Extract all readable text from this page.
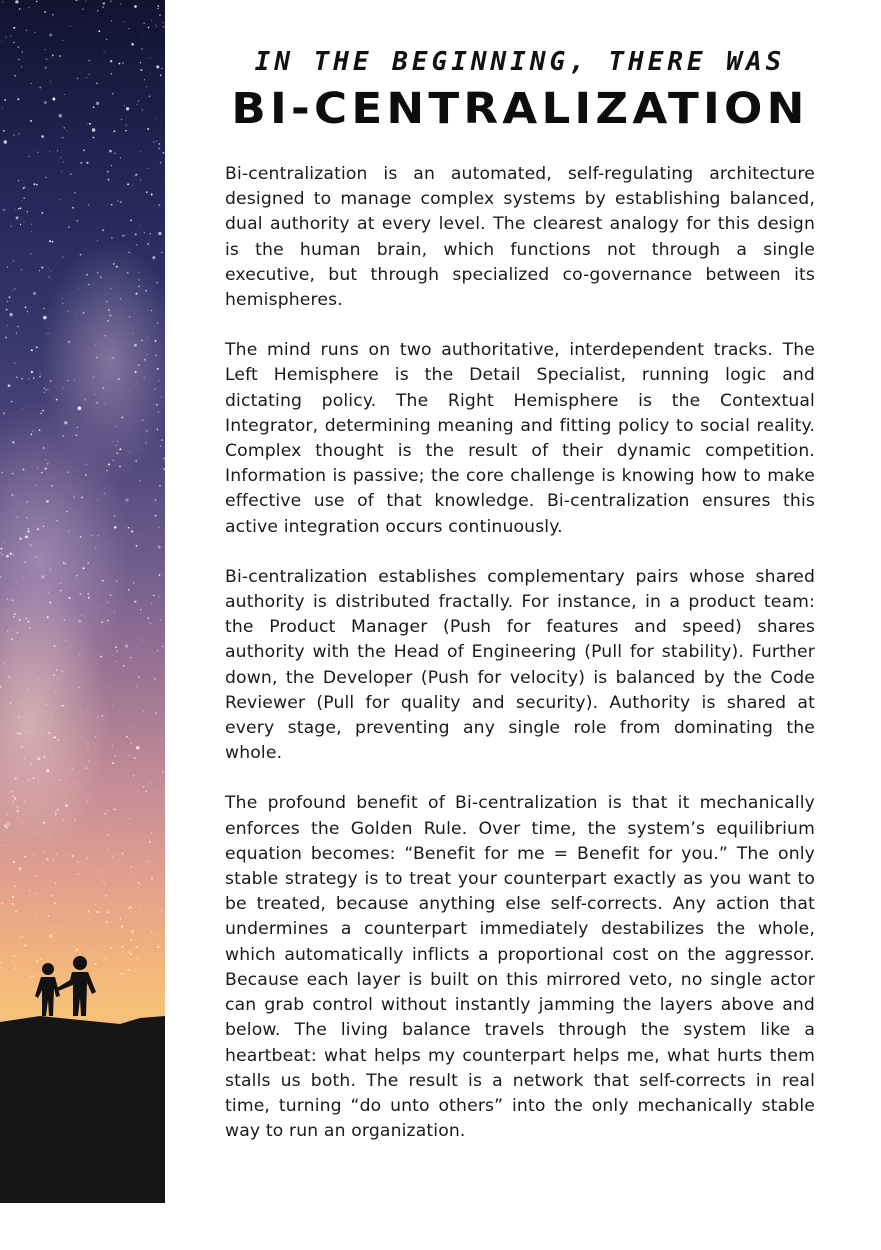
IN THE BEGINNING, THERE WAS
BI-CENTRALIZATION

Bi-centralization is an automated, self-regulating architecture designed to manage complex systems by establishing balanced, dual authority at every level. The clearest analogy for this design is the human brain, which functions not through a single executive, but through specialized co-governance between its hemispheres.

The mind runs on two authoritative, interdependent tracks. The Left Hemisphere is the Detail Specialist, running logic and dictating policy. The Right Hemisphere is the Contextual Integrator, determining meaning and fitting policy to social reality. Complex thought is the result of their dynamic competition. Information is passive; the core challenge is knowing how to make effective use of that knowledge. Bi-centralization ensures this active integration occurs continuously.

Bi-centralization establishes complementary pairs whose shared authority is distributed fractally. For instance, in a product team: the Product Manager (Push for features and speed) shares authority with the Head of Engineering (Pull for stability). Further down, the Developer (Push for velocity) is balanced by the Code Reviewer (Pull for quality and security). Authority is shared at every stage, preventing any single role from dominating the whole.

The profound benefit of Bi-centralization is that it mechanically enforces the Golden Rule. Over time, the system’s equilibrium equation becomes: “Benefit for me = Benefit for you.” The only stable strategy is to treat your counterpart exactly as you want to be treated, because anything else self-corrects. Any action that undermines a counterpart immediately destabilizes the whole, which automatically inflicts a proportional cost on the aggressor. Because each layer is built on this mirrored veto, no single actor can grab control without instantly jamming the layers above and below. The living balance travels through the system like a heartbeat: what helps my counterpart helps me, what hurts them stalls us both. The result is a network that self-corrects in real time, turning “do unto others” into the only mechanically stable way to run an organization.
